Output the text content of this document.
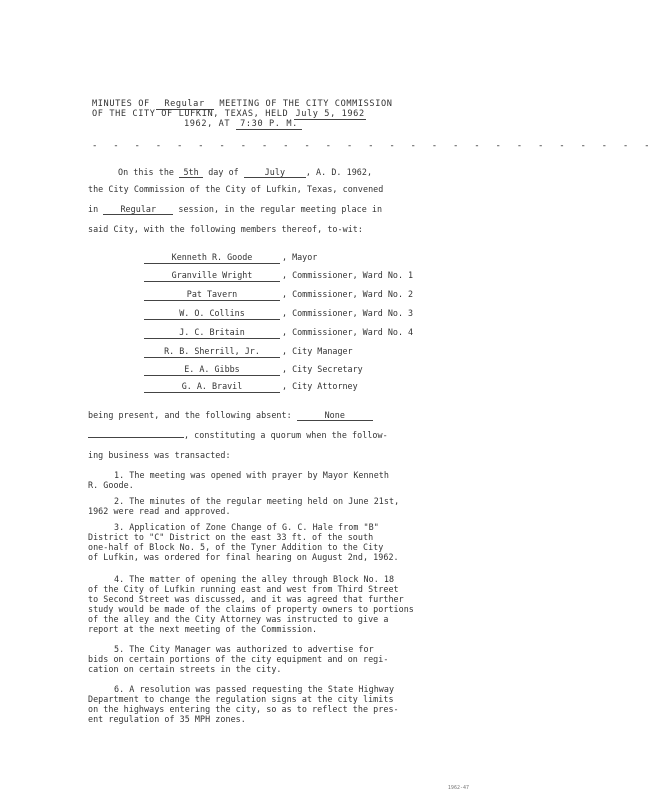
MINUTES OF Regular MEETING OF THE CITY COMMISSION
OF THE CITY OF LUFKIN, TEXAS, HELD July 5, 1962
1962, AT 7:30 P. M.
- - - - - - - - - - - - - - - - - - - - - - - - - - -
On this the 5th day of	July , A. D. 1962,
the City Commission of the City of Lufkin, Texas, convened
in	Regular	session, in the regular meeting place in
said City, with the following members thereof, to-wit:
Kenneth R. Goode	, Mayor
Granville Wright	, Commissioner, Ward No. 1
Pat Tavern	, Commissioner, Ward No. 2
W. O. Collins	, Commissioner, Ward No. 3
J. C. Britain	, Commissioner, Ward No. 4
R. B. Sherrill, Jr.	, City Manager
E. A. Gibbs	, City Secretary
G. A. Bravil	, City Attorney
being present, and the following absent:	None
, constituting a quorum when the follow-
ing business was transacted:
1. The meeting was opened with prayer by Mayor Kenneth
R. Goode.
2. The minutes of the regular meeting held on June 21st,
1962 were read and approved.
3. Application of Zone Change of G. C. Hale from "B"
District to "C" District on the east 33 ft. of the south
one-half of Block No. 5, of the Tyner Addition to the City
of Lufkin, was ordered for final hearing on August 2nd, 1962.
4. The matter of opening the alley through Block No. 18
of the City of Lufkin running east and west from Third Street
to Second Street was discussed, and it was agreed that further
study would be made of the claims of property owners to portions
of the alley and the City Attorney was instructed to give a
report at the next meeting of the Commission.
5. The City Manager was authorized to advertise for
bids on certain portions of the city equipment and on regi-
cation on certain streets in the city.
6. A resolution was passed requesting the State Highway
Department to change the regulation signs at the city limits
on the highways entering the city, so as to reflect the pres-
ent regulation of 35 MPH zones.
1962-47
